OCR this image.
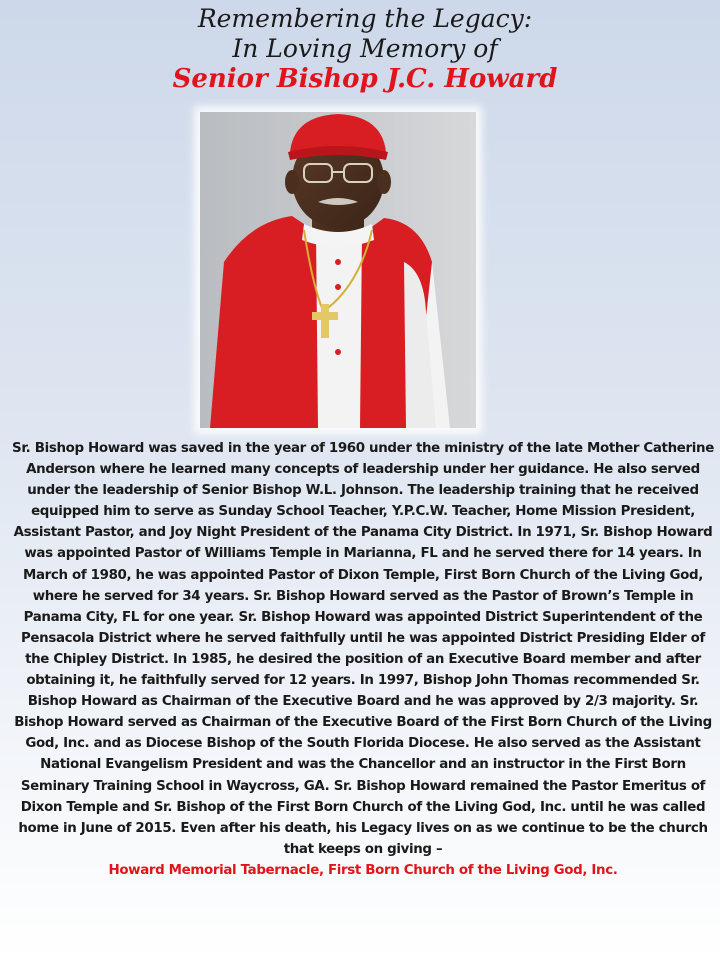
Remembering the Legacy:
In Loving Memory of
Senior Bishop J.C. Howard
Sr. Bishop Howard was saved in the year of 1960 under the ministry of the late Mother Catherine Anderson where he learned many concepts of leadership under her guidance. He also served under the leadership of Senior Bishop W.L. Johnson. The leadership training that he received equipped him to serve as Sunday School Teacher, Y.P.C.W. Teacher, Home Mission President, Assistant Pastor, and Joy Night President of the Panama City District. In 1971, Sr. Bishop Howard was appointed Pastor of Williams Temple in Marianna, FL and he served there for 14 years. In March of 1980, he was appointed Pastor of Dixon Temple, First Born Church of the Living God, where he served for 34 years. Sr. Bishop Howard served as the Pastor of Brown’s Temple in Panama City, FL for one year. Sr. Bishop Howard was appointed District Superintendent of the Pensacola District where he served faithfully until he was appointed District Presiding Elder of the Chipley District. In 1985, he desired the position of an Executive Board member and after obtaining it, he faithfully served for 12 years. In 1997, Bishop John Thomas recommended Sr. Bishop Howard as Chairman of the Executive Board and he was approved by 2/3 majority. Sr. Bishop Howard served as Chairman of the Executive Board of the First Born Church of the Living God, Inc. and as Diocese Bishop of the South Florida Diocese. He also served as the Assistant National Evangelism President and was the Chancellor and an instructor in the First Born Seminary Training School in Waycross, GA. Sr. Bishop Howard remained the Pastor Emeritus of Dixon Temple and Sr. Bishop of the First Born Church of the Living God, Inc. until he was called home in June of 2015. Even after his death, his Legacy lives on as we continue to be the church that keeps on giving –
Howard Memorial Tabernacle, First Born Church of the Living God, Inc.
